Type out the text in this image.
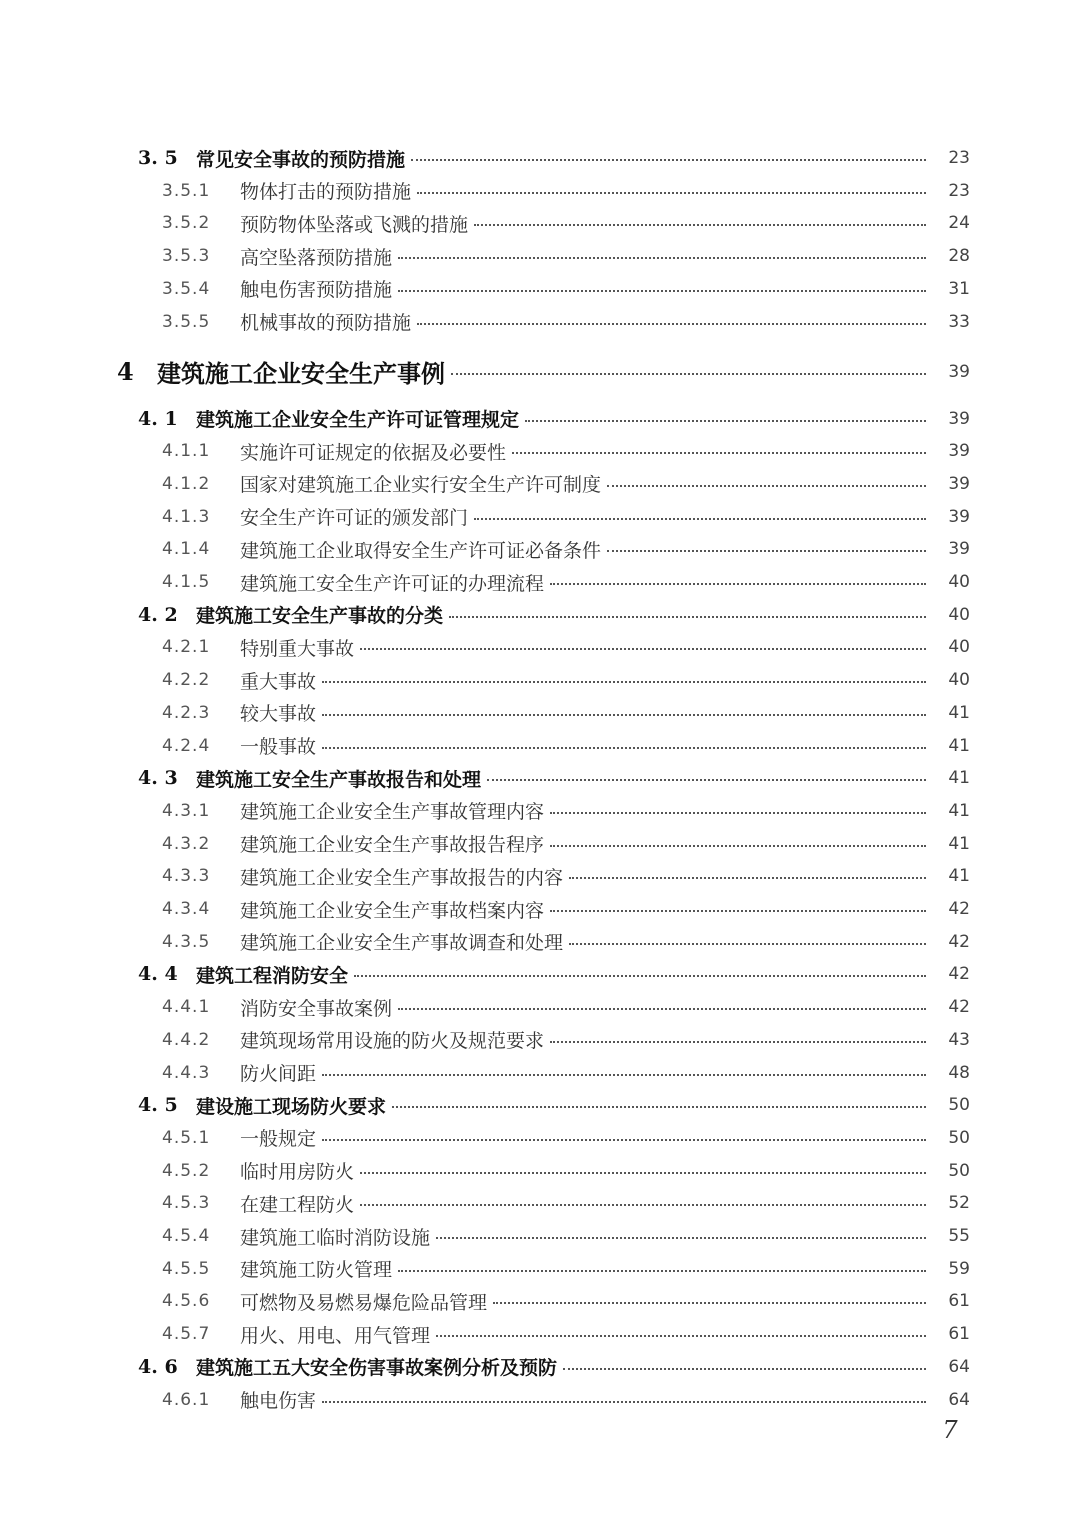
3. 5 常见安全事故的预防措施	23
3.5.1	物体打击的预防措施	23
3.5.2	预防物体坠落或飞溅的措施	24
3.5.3	高空坠落预防措施	28
3.5.4	触电伤害预防措施	31
3.5.5	机械事故的预防措施	33
4 建筑施工企业安全生产事例	39
4. 1 建筑施工企业安全生产许可证管理规定	39
4.1.1	实施许可证规定的依据及必要性	39
4.1.2	国家对建筑施工企业实行安全生产许可制度	39
4.1.3	安全生产许可证的颁发部门	39
4.1.4	建筑施工企业取得安全生产许可证必备条件	39
4.1.5	建筑施工安全生产许可证的办理流程	40
4. 2 建筑施工安全生产事故的分类	40
4.2.1	特别重大事故	40
4.2.2	重大事故	40
4.2.3	较大事故	41
4.2.4	一般事故	41
4. 3 建筑施工安全生产事故报告和处理	41
4.3.1	建筑施工企业安全生产事故管理内容	41
4.3.2	建筑施工企业安全生产事故报告程序	41
4.3.3	建筑施工企业安全生产事故报告的内容	41
4.3.4	建筑施工企业安全生产事故档案内容	42
4.3.5	建筑施工企业安全生产事故调查和处理	42
4. 4 建筑工程消防安全	42
4.4.1	消防安全事故案例	42
4.4.2	建筑现场常用设施的防火及规范要求	43
4.4.3	防火间距	48
4. 5 建设施工现场防火要求	50
4.5.1	一般规定	50
4.5.2	临时用房防火	50
4.5.3	在建工程防火	52
4.5.4	建筑施工临时消防设施	55
4.5.5	建筑施工防火管理	59
4.5.6	可燃物及易燃易爆危险品管理	61
4.5.7	用火、用电、用气管理	61
4. 6 建筑施工五大安全伤害事故案例分析及预防	64
4.6.1	触电伤害	64
7
